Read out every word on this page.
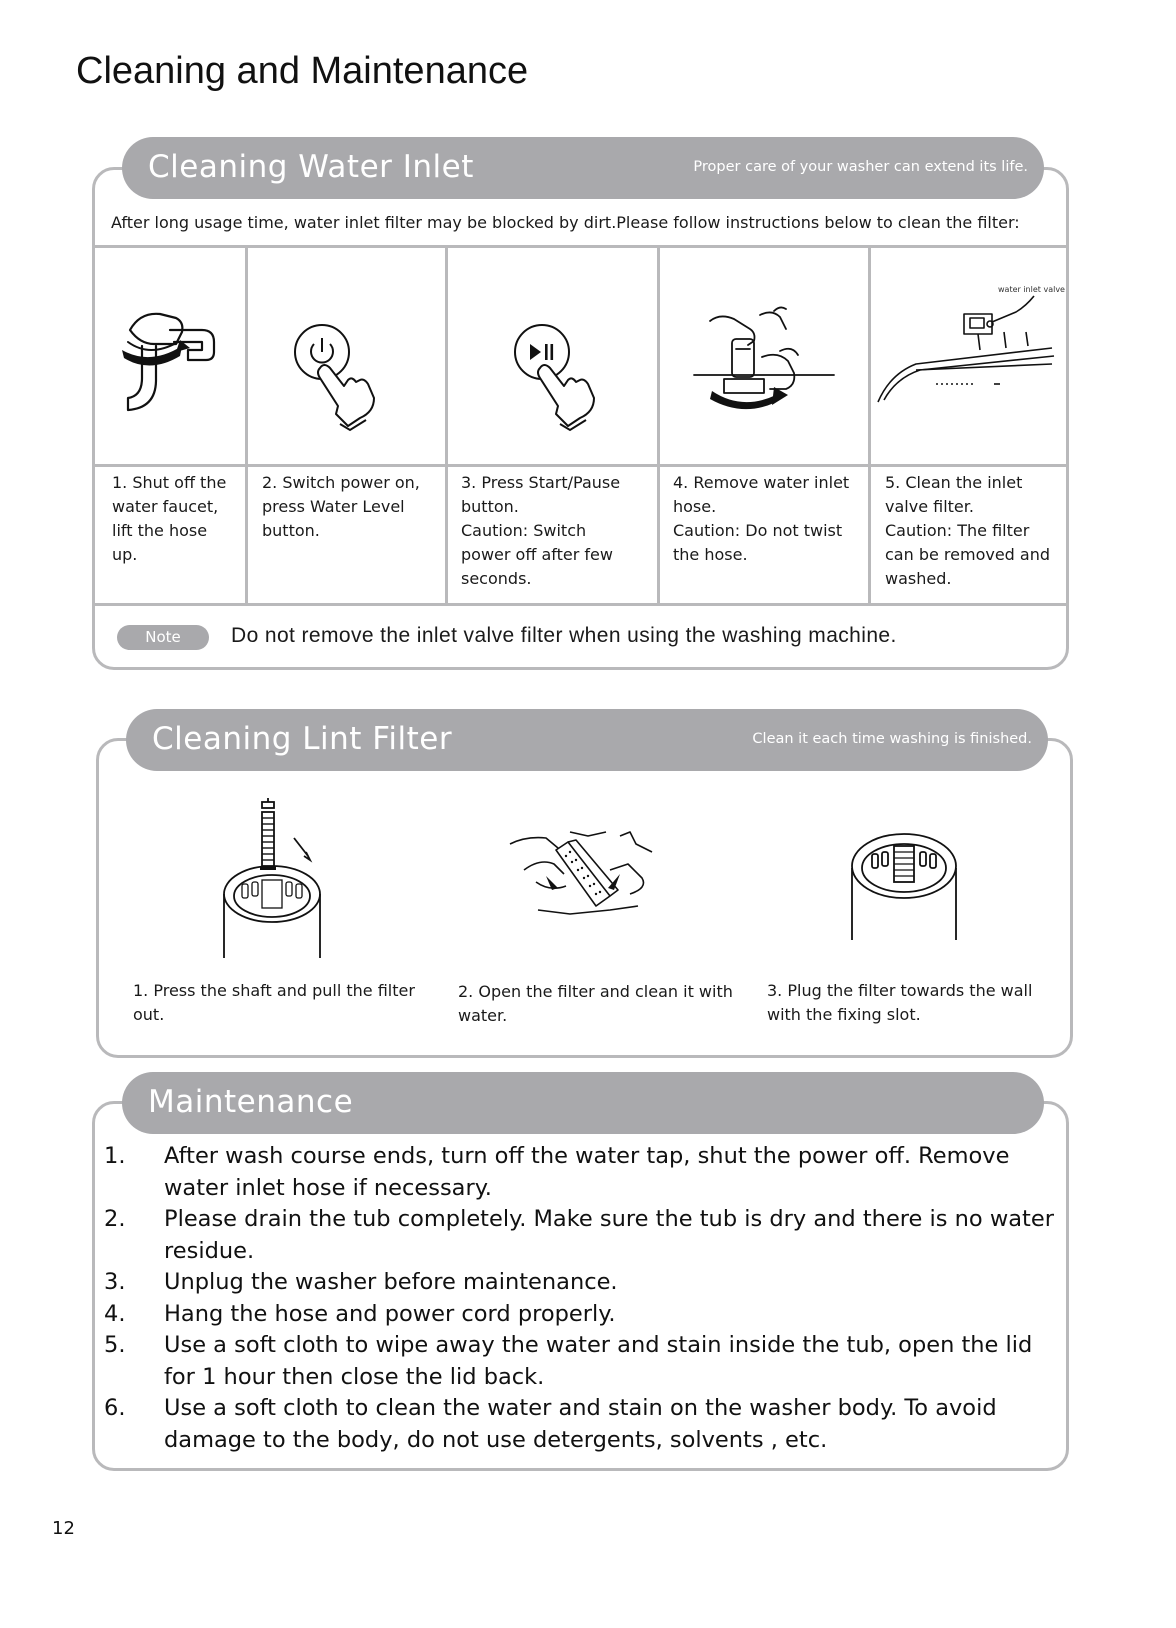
Cleaning and Maintenance
Cleaning Water Inlet	Proper care of your washer can extend its life.
After long usage time, water inlet filter may be blocked by dirt.Please follow instructions below to clean the filter:
water inlet valve
1. Shut off the
water faucet,
lift the hose
up.
2. Switch power on,
press Water Level
button.
3. Press Start/Pause
button.
Caution: Switch
power off after few
seconds.
4. Remove water inlet
hose.
Caution: Do not twist
the hose.
5. Clean the inlet
valve filter.
Caution: The filter
can be removed and
washed.
Note	Do not remove the inlet valve filter when using the washing machine.
Cleaning Lint Filter	Clean it each time washing is finished.
1. Press the shaft and pull the filter
out.
2. Open the filter and clean it with
water.
3. Plug the filter towards the wall
with the fixing slot.
Maintenance
1. After wash course ends, turn off the water tap, shut the power off. Remove water inlet hose if necessary.
2. Please drain the tub completely. Make sure the tub is dry and there is no water residue.
3. Unplug the washer before maintenance.
4. Hang the hose and power cord properly.
5. Use a soft cloth to wipe away the water and stain inside the tub, open the lid for 1 hour then close the lid back.
6. Use a soft cloth to clean the water and stain on the washer body. To avoid damage to the body, do not use detergents, solvents , etc.
12
